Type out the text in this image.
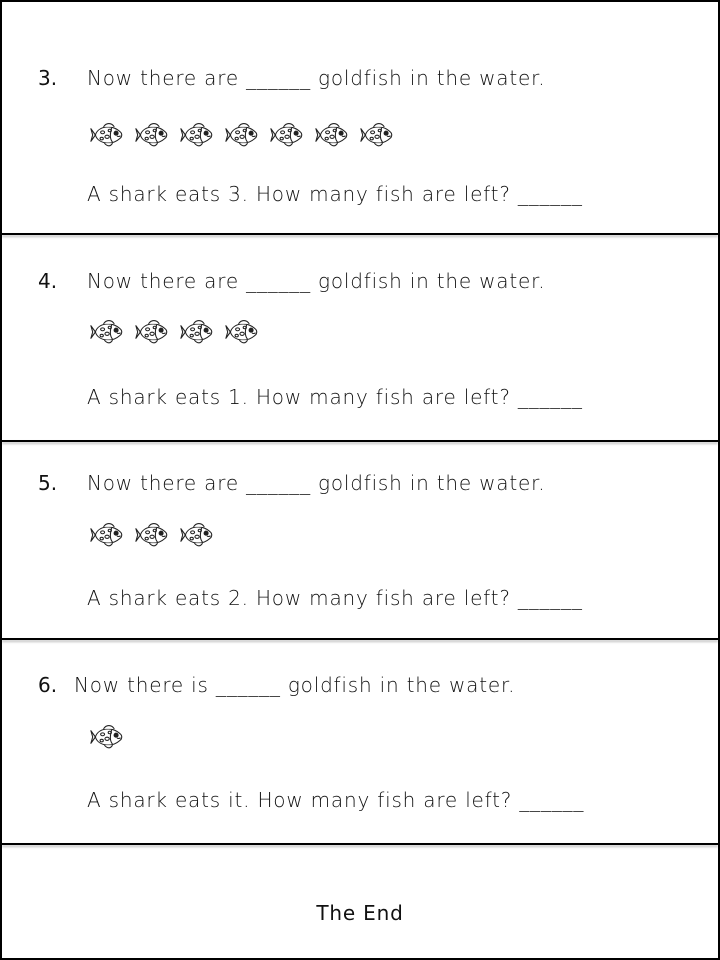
3. Now there are ______ goldfish in the water.
A shark eats 3. How many fish are left? ______
4. Now there are ______ goldfish in the water.
A shark eats 1. How many fish are left? ______
5. Now there are ______ goldfish in the water.
A shark eats 2. How many fish are left? ______
6. Now there is ______ goldfish in the water.
A shark eats it. How many fish are left? ______
The End
